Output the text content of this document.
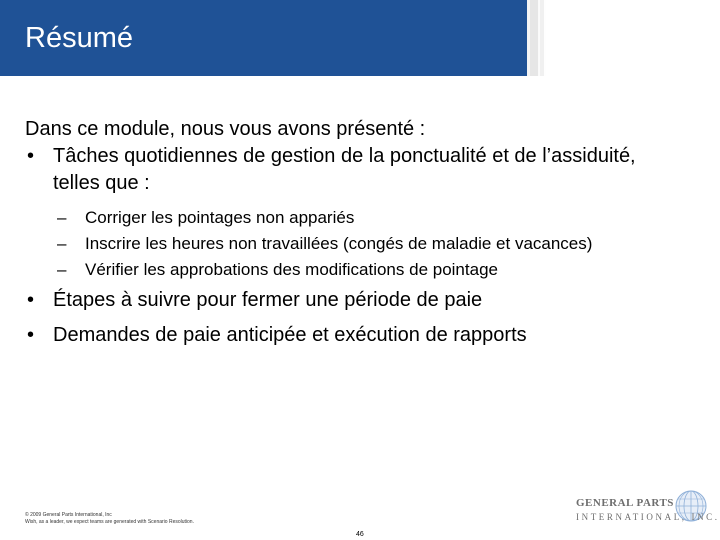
Résumé

Dans ce module, nous vous avons présenté :

• Tâches quotidiennes de gestion de la ponctualité et de l’assiduité, telles que :
– Corriger les pointages non appariés
– Inscrire les heures non travaillées (congés de maladie et vacances)
– Vérifier les approbations des modifications de pointage
• Étapes à suivre pour fermer une période de paie
• Demandes de paie anticipée et exécution de rapports
© 2009 General Parts International, Inc
Wish, as a leader, we expect teams are generated with Scenario Resolution.
46
GENERAL PARTS
INTERNATIONAL, INC.
